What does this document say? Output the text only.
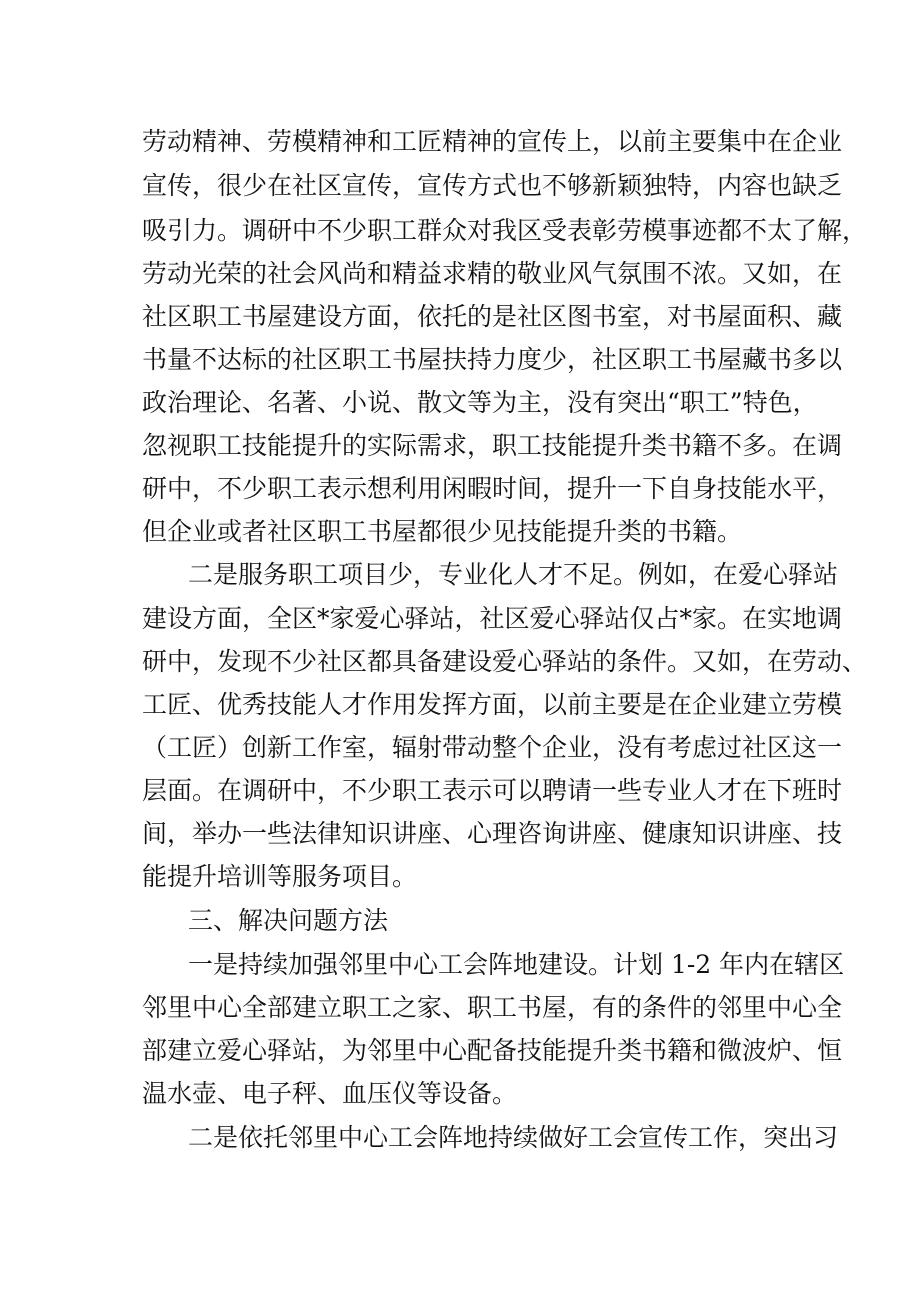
劳动精神、劳模精神和工匠精神的宣传上，以前主要集中在企业
宣传，很少在社区宣传，宣传方式也不够新颖独特，内容也缺乏
吸引力。调研中不少职工群众对我区受表彰劳模事迹都不太了解，
劳动光荣的社会风尚和精益求精的敬业风气氛围不浓。又如，在
社区职工书屋建设方面，依托的是社区图书室，对书屋面积、藏
书量不达标的社区职工书屋扶持力度少，社区职工书屋藏书多以
政治理论、名著、小说、散文等为主，没有突出“职工”特色，
忽视职工技能提升的实际需求，职工技能提升类书籍不多。在调
研中，不少职工表示想利用闲暇时间，提升一下自身技能水平，
但企业或者社区职工书屋都很少见技能提升类的书籍。
二是服务职工项目少，专业化人才不足。例如，在爱心驿站
建设方面，全区*家爱心驿站，社区爱心驿站仅占*家。在实地调
研中，发现不少社区都具备建设爱心驿站的条件。又如，在劳动、
工匠、优秀技能人才作用发挥方面，以前主要是在企业建立劳模
（工匠）创新工作室，辐射带动整个企业，没有考虑过社区这一
层面。在调研中，不少职工表示可以聘请一些专业人才在下班时
间，举办一些法律知识讲座、心理咨询讲座、健康知识讲座、技
能提升培训等服务项目。
三、解决问题方法
一是持续加强邻里中心工会阵地建设。计划 1-2 年内在辖区
邻里中心全部建立职工之家、职工书屋，有的条件的邻里中心全
部建立爱心驿站，为邻里中心配备技能提升类书籍和微波炉、恒
温水壶、电子秤、血压仪等设备。
二是依托邻里中心工会阵地持续做好工会宣传工作，突出习
